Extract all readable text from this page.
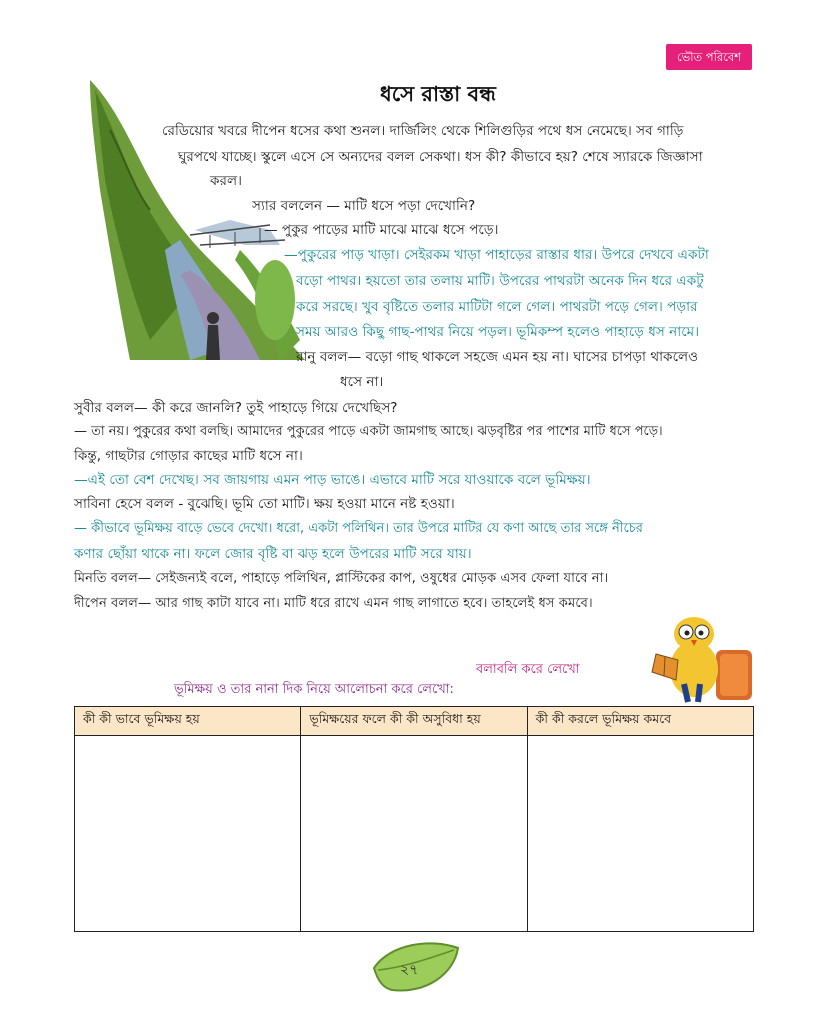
ভৌত পরিবেশ
ধসে রাস্তা বন্ধ
রেডিয়োর খবরে দীপেন ধসের কথা শুনল। দার্জিলিং থেকে শিলিগুড়ির পথে ধস নেমেছে। সব গাড়ি
ঘুরপথে যাচ্ছে। স্কুলে এসে সে অন্যদের বলল সেকথা। ধস কী? কীভাবে হয়? শেষে স্যারকে জিজ্ঞাসা
করল।
স্যার বললেন — মাটি ধসে পড়া দেখোনি?
— পুকুর পাড়ের মাটি মাঝে মাঝে ধসে পড়ে।
—পুকুরের পাড় খাড়া। সেইরকম খাড়া পাহাড়ের রাস্তার ধার। উপরে দেখবে একটা
বড়ো পাথর। হয়তো তার তলায় মাটি। উপরের পাথরটা অনেক দিন ধরে একটু
করে সরছে। খুব বৃষ্টিতে তলার মাটিটা গলে গেল। পাথরটা পড়ে গেল। পড়ার
সময় আরও কিছু গাছ-পাথর নিয়ে পড়ল। ভূমিকম্প হলেও পাহাড়ে ধস নামে।
রানু বলল— বড়ো গাছ থাকলে সহজে এমন হয় না। ঘাসের চাপড়া থাকলেও
ধসে না।
সুবীর বলল— কী করে জানলি? তুই পাহাড়ে গিয়ে দেখেছিস?
— তা নয়। পুকুরের কথা বলছি। আমাদের পুকুরের পাড়ে একটা জামগাছ আছে। ঝড়বৃষ্টির পর পাশের মাটি ধসে পড়ে।
কিন্তু, গাছটার গোড়ার কাছের মাটি ধসে না।
—এই তো বেশ দেখেছ। সব জায়গায় এমন পাড় ভাঙে। এভাবে মাটি সরে যাওয়াকে বলে ভূমিক্ষয়।
সাবিনা হেসে বলল - বুঝেছি। ভূমি তো মাটি। ক্ষয় হওয়া মানে নষ্ট হওয়া।
— কীভাবে ভূমিক্ষয় বাড়ে ভেবে দেখো। ধরো, একটা পলিথিন। তার উপরে মাটির যে কণা আছে তার সঙ্গে নীচের
কণার ছোঁয়া থাকে না। ফলে জোর বৃষ্টি বা ঝড় হলে উপরের মাটি সরে যায়।
মিনতি বলল— সেইজন্যই বলে, পাহাড়ে পলিথিন, প্লাস্টিকের কাপ, ওষুধের মোড়ক এসব ফেলা যাবে না।
দীপেন বলল— আর গাছ কাটা যাবে না। মাটি ধরে রাখে এমন গাছ লাগাতে হবে। তাহলেই ধস কমবে।
বলাবলি করে লেখো
ভূমিক্ষয় ও তার নানা দিক নিয়ে আলোচনা করে লেখো:
কী কী ভাবে ভূমিক্ষয় হয়	ভূমিক্ষয়ের ফলে কী কী অসুবিধা হয়	কী কী করলে ভূমিক্ষয় কমবে

২৭
